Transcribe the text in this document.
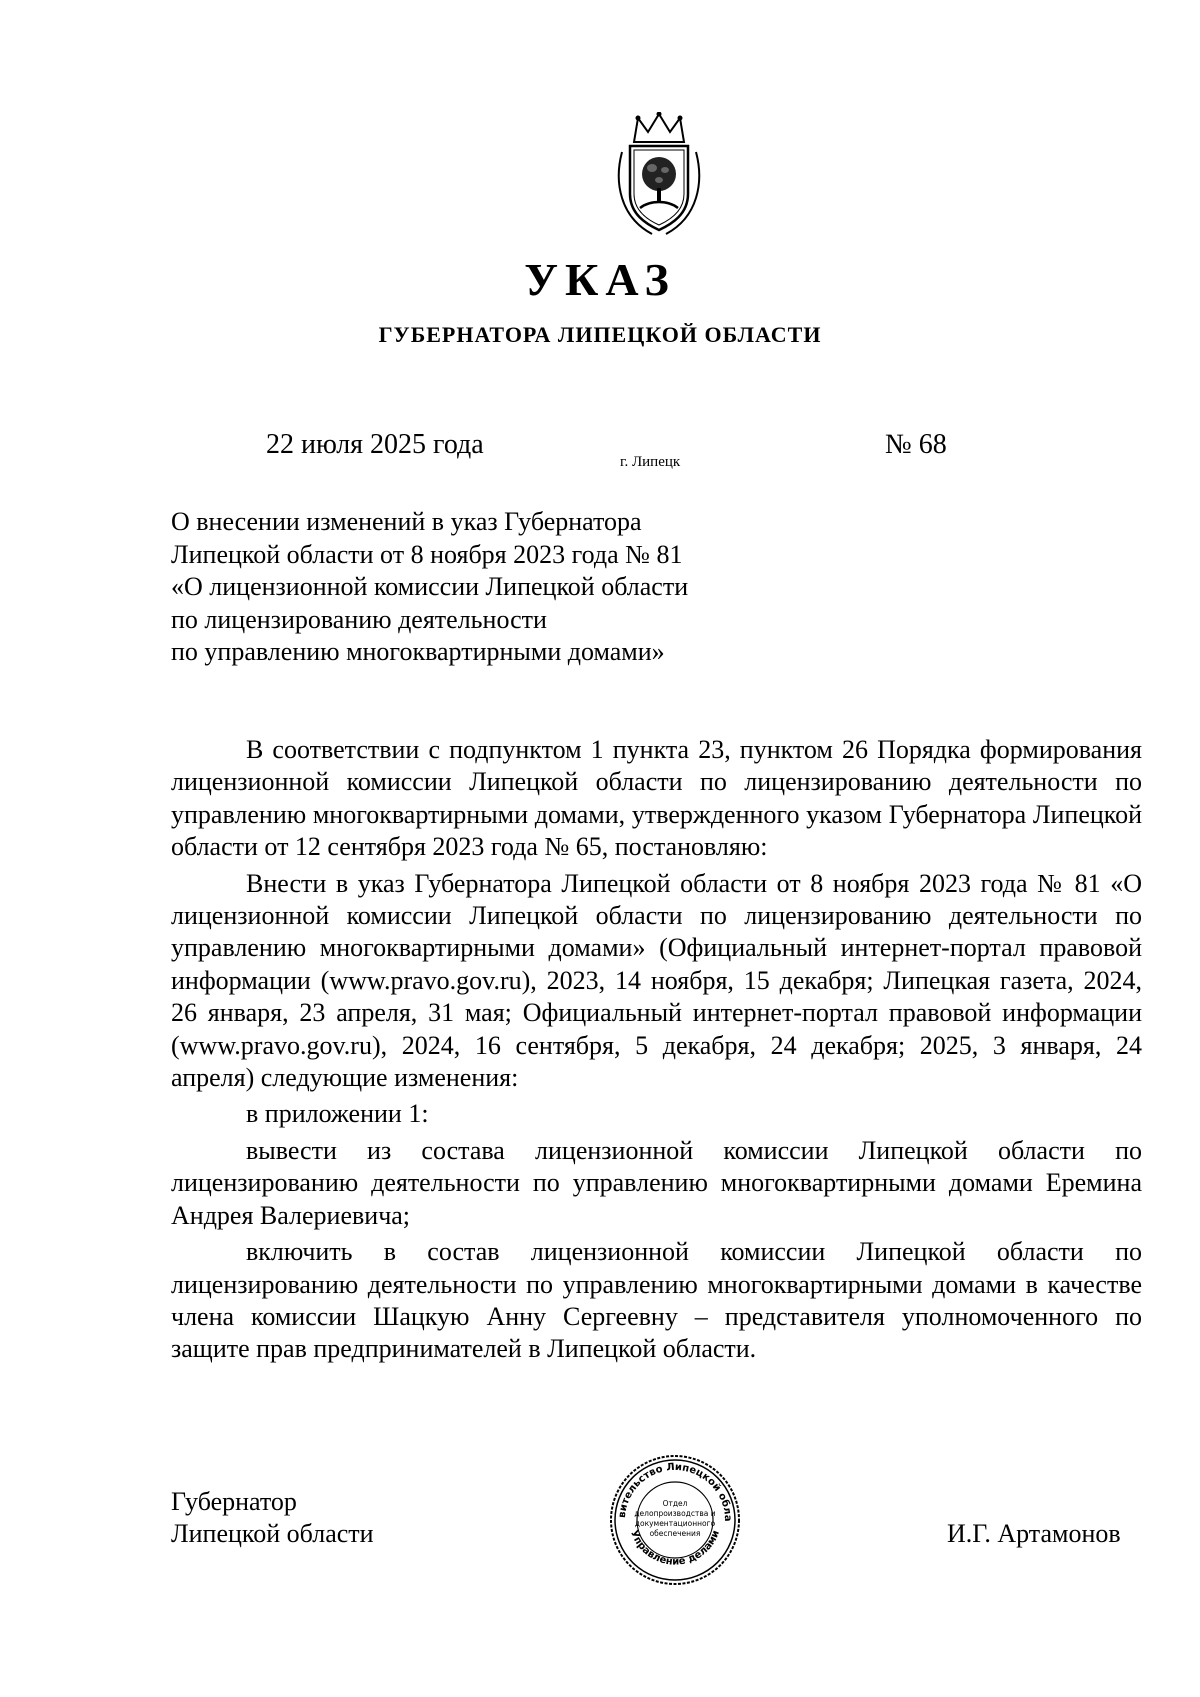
УКАЗ
ГУБЕРНАТОРА ЛИПЕЦКОЙ ОБЛАСТИ
22 июля 2025 года
г. Липецк
№ 68
О внесении изменений в указ Губернатора
Липецкой области от 8 ноября 2023 года № 81
«О лицензионной комиссии Липецкой области
по лицензированию деятельности
по управлению многоквартирными домами»

В соответствии с подпунктом 1 пункта 23, пунктом 26 Порядка формирования лицензионной комиссии Липецкой области по лицензированию деятельности по управлению многоквартирными домами, утвержденного указом Губернатора Липецкой области от 12 сентября 2023 года № 65, постановляю:

Внести в указ Губернатора Липецкой области от 8 ноября 2023 года № 81 «О лицензионной комиссии Липецкой области по лицензированию деятельности по управлению многоквартирными домами» (Официальный интернет-портал правовой информации (www.pravo.gov.ru), 2023, 14 ноября, 15 декабря; Липецкая газета, 2024, 26 января, 23 апреля, 31 мая; Официальный интернет-портал правовой информации (www.pravo.gov.ru), 2024, 16 сентября, 5 декабря, 24 декабря; 2025, 3 января, 24 апреля) следующие изменения:

в приложении 1:

вывести из состава лицензионной комиссии Липецкой области по лицензированию деятельности по управлению многоквартирными домами Еремина Андрея Валериевича;

включить в состав лицензионной комиссии Липецкой области по лицензированию деятельности по управлению многоквартирными домами в качестве члена комиссии Шацкую Анну Сергеевну – представителя уполномоченного по защите прав предпринимателей в Липецкой области.

Губернатор
Липецкой области	И.Г. Артамонов
вительство Липецкой обла
Управление делами
Отдел
делопроизводства и
документационного
обеспечения
